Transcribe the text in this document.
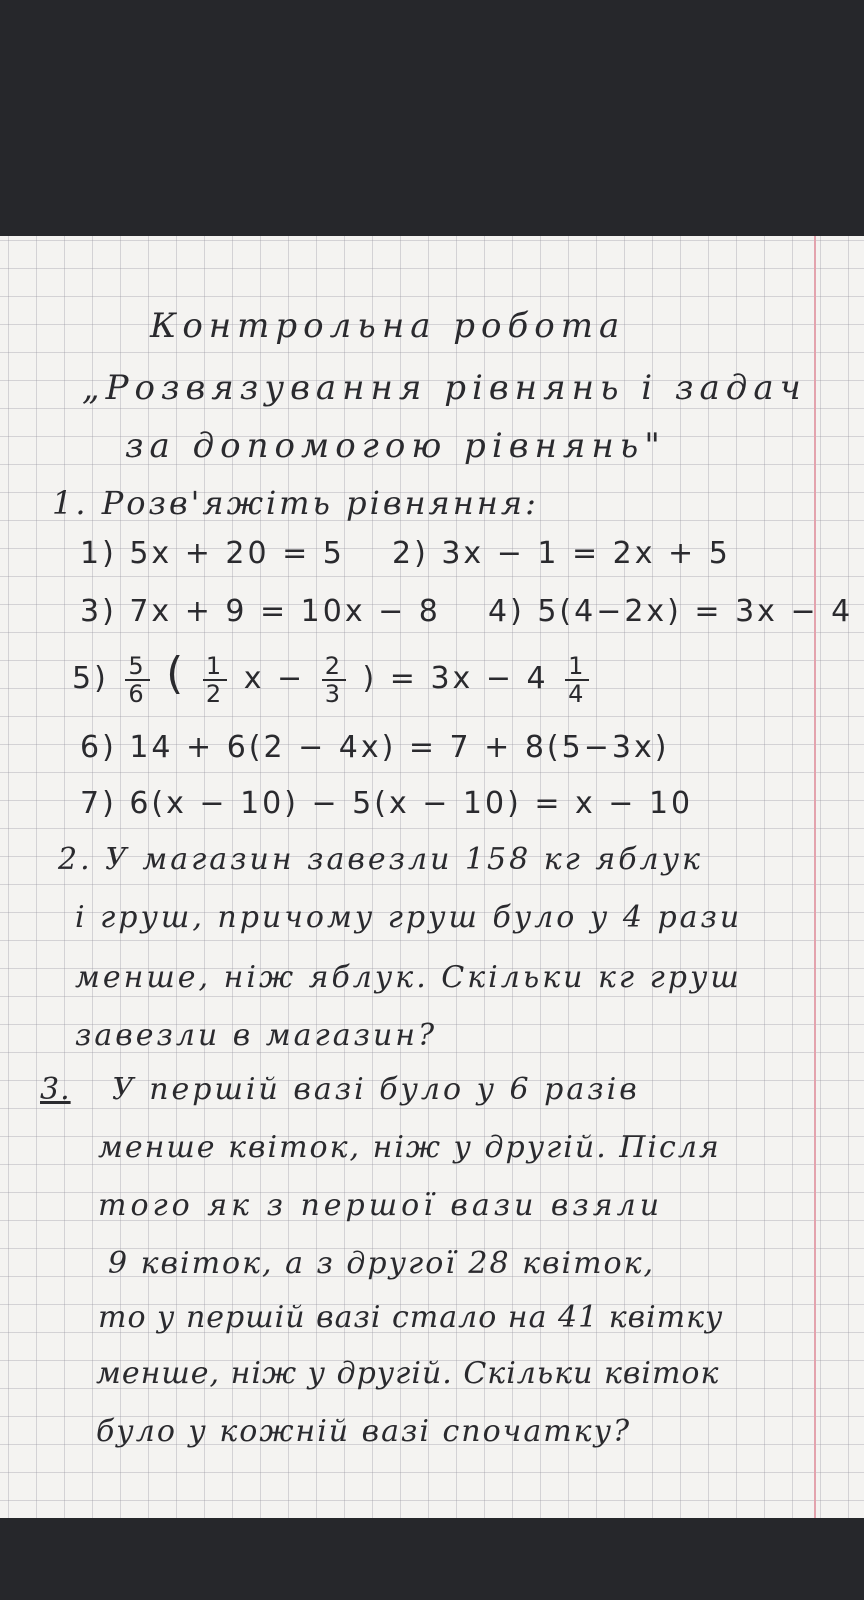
Контрольна робота
„Розвязування рівнянь і задач
за допомогою рівнянь"
1. Розв'яжіть рівняння:
1) 5x + 20 = 5 2) 3x − 1 = 2x + 5
3) 7x + 9 = 10x − 8 4) 5(4−2x) = 3x − 4
$5) \frac{5}{6}$ ( $\frac{1}{2}$ $x - \frac{2}{3}$ ) = $3x - 4 \frac{1}{4}$
6) 14 + 6(2 − 4x) = 7 + 8(5−3x)
7) 6(x − 10) − 5(x − 10) = x − 10
2. У магазин завезли 158 кг яблук
і груш, причому груш було у 4 рази
менше, ніж яблук. Скільки кг груш
завезли в магазин?
3. У першій вазі було у 6 разів
менше квіток, ніж у другій. Після
того як з першої вази взяли
9 квіток, а з другої 28 квіток,
то у першій вазі стало на 41 квітку
менше, ніж у другій. Скільки квіток
було у кожній вазі спочатку?
